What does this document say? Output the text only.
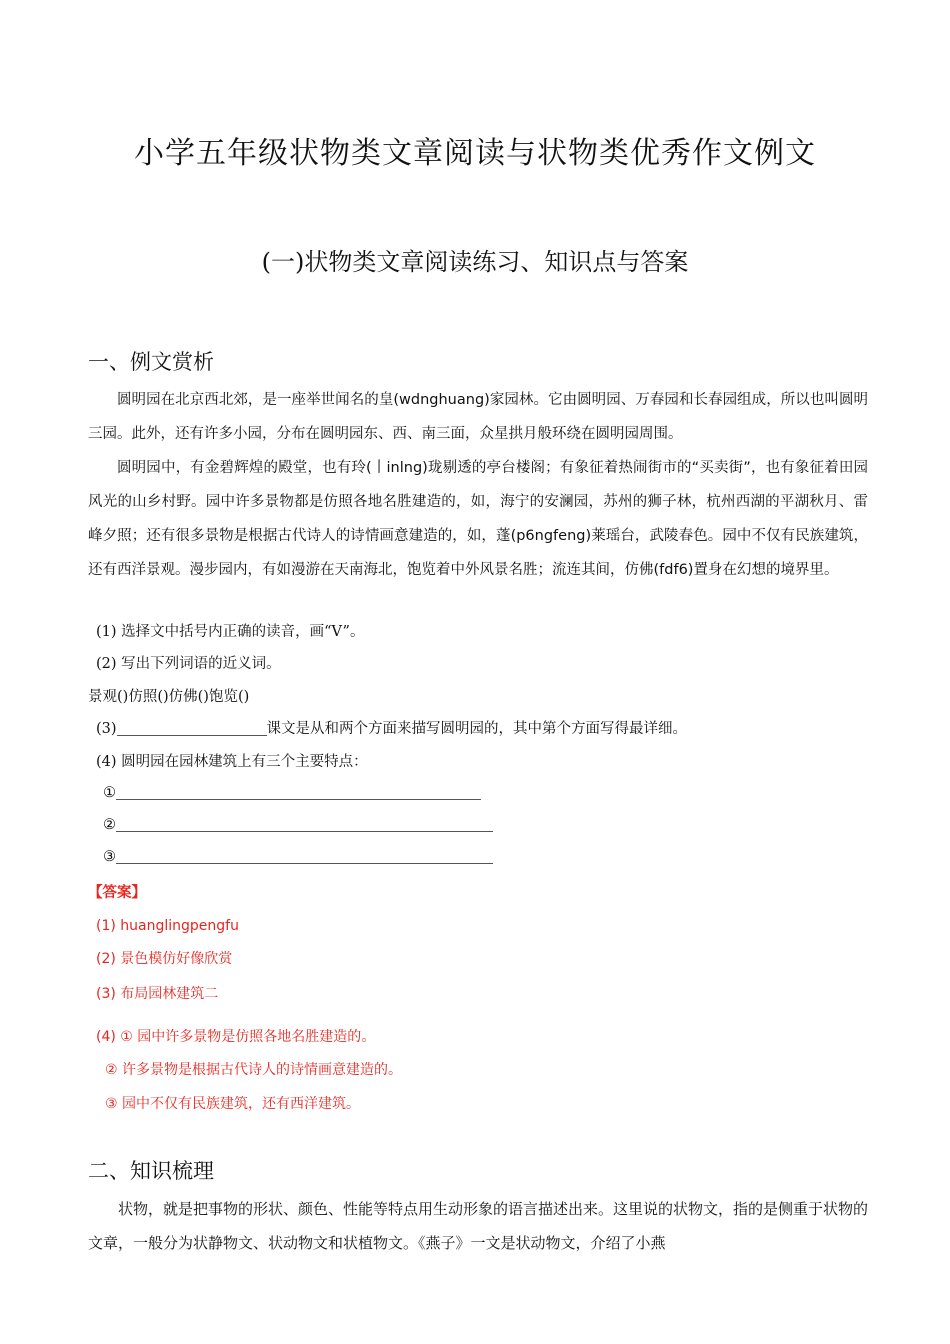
小学五年级状物类文章阅读与状物类优秀作文例文
(一)状物类文章阅读练习、知识点与答案
一、例文赏析

圆明园在北京西北郊，是一座举世闻名的皇(wdnghuang)家园林。它由圆明园、万春园和长春园组成，所以也叫圆明三园。此外，还有许多小园，分布在圆明园东、西、南三面，众星拱月般环绕在圆明园周围。

圆明园中，有金碧辉煌的殿堂，也有玲(丨inlng)珑剔透的亭台楼阁；有象征着热闹街市的“买卖街”，也有象征着田园风光的山乡村野。园中许多景物都是仿照各地名胜建造的，如，海宁的安澜园，苏州的狮子林，杭州西湖的平湖秋月、雷峰夕照；还有很多景物是根据古代诗人的诗情画意建造的，如，蓬(p6ngfeng)莱瑶台，武陵春色。园中不仅有民族建筑，还有西洋景观。漫步园内，有如漫游在天南海北，饱览着中外风景名胜；流连其间，仿佛(fdf6)置身在幻想的境界里。

(1) 选择文中括号内正确的读音，画“V”。
(2) 写出下列词语的近义词。
景观()仿照()仿佛()饱览()
(3)	课文是从和两个方面来描写圆明园的，其中第个方面写得最详细。
(4) 圆明园在园林建筑上有三个主要特点：
①
②
③
【答案】
(1) huanglingpengfu
(2) 景色模仿好像欣赏
(3) 布局园林建筑二
(4) ① 园中许多景物是仿照各地名胜建造的。
② 许多景物是根据古代诗人的诗情画意建造的。
③ 园中不仅有民族建筑，还有西洋建筑。
二、知识梳理

状物，就是把事物的形状、颜色、性能等特点用生动形象的语言描述出来。这里说的状物文，指的是侧重于状物的文章，一般分为状静物文、状动物文和状植物文。《燕子》一文是状动物文，介绍了小燕
